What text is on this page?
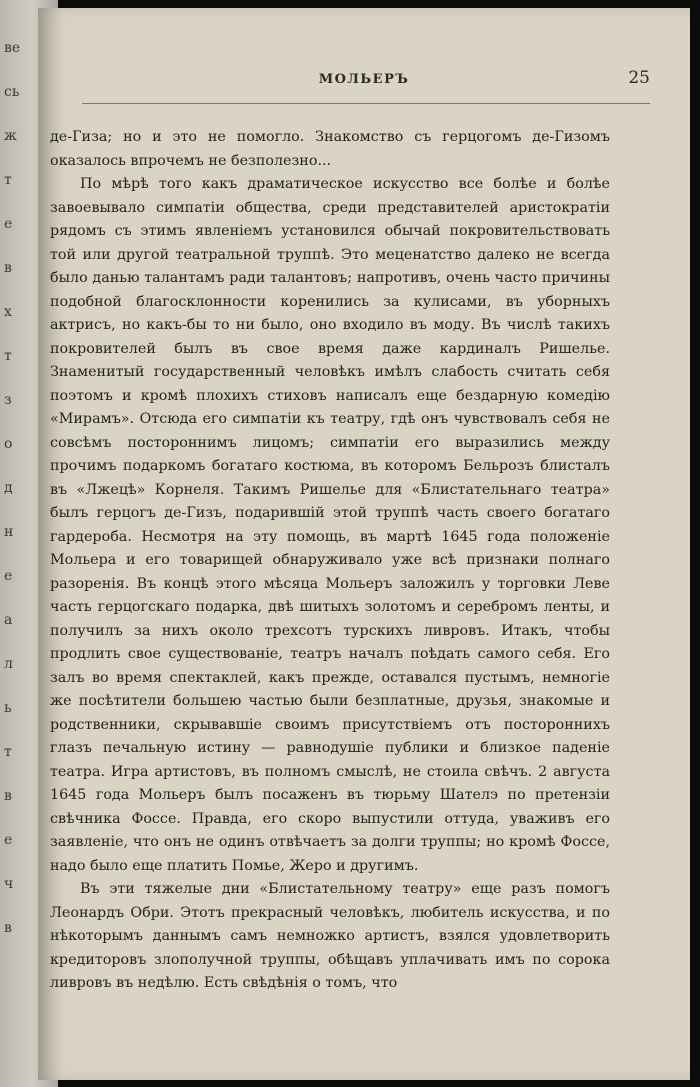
ве
сь
ж
т
е
в
х
т
з
о
д
н
е
а
л
ь
т
в
е
ч
в
МОЛЬЕРЪ	25

де-Гиза; но и это не помогло. Знакомство съ герцогомъ де-Гизомъ оказалось впрочемъ не безполезно...

По мѣрѣ того какъ драматическое искусство все болѣе и болѣе завоевывало симпатіи общества, среди представителей аристократіи рядомъ съ этимъ явленіемъ установился обычай покровительствовать той или другой театральной труппѣ. Это меценатство далеко не всегда было данью талантамъ ради талантовъ; напротивъ, очень часто причины подобной благосклонности коренились за кулисами, въ уборныхъ актрисъ, но какъ-бы то ни было, оно входило въ моду. Въ числѣ такихъ покровителей былъ въ свое время даже кардиналъ Ришелье. Знаменитый государственный человѣкъ имѣлъ слабость считать себя поэтомъ и кромѣ плохихъ стиховъ написалъ еще бездарную комедію «Мирамъ». Отсюда его симпатіи къ театру, гдѣ онъ чувствовалъ себя не совсѣмъ постороннимъ лицомъ; симпатіи его выразились между прочимъ подаркомъ богатаго костюма, въ которомъ Бельрозъ блисталъ въ «Лжецѣ» Корнеля. Такимъ Ришелье для «Блистательнаго театра» былъ герцогъ де-Гизъ, подарившій этой труппѣ часть своего богатаго гардероба. Несмотря на эту помощь, въ мартѣ 1645 года положеніе Мольера и его товарищей обнаруживало уже всѣ признаки полнаго разоренія. Въ концѣ этого мѣсяца Мольеръ заложилъ у торговки Леве часть герцогскаго подарка, двѣ шитыхъ золотомъ и серебромъ ленты, и получилъ за нихъ около трехсотъ турскихъ ливровъ. Итакъ, чтобы продлить свое существованіе, театръ началъ поѣдать самого себя. Его залъ во время спектаклей, какъ прежде, оставался пустымъ, немногіе же посѣтители большею частью были безплатные, друзья, знакомые и родственники, скрывавшіе своимъ присутствіемъ отъ постороннихъ глазъ печальную истину — равнодушіе публики и близкое паденіе театра. Игра артистовъ, въ полномъ смыслѣ, не стоила свѣчъ. 2 августа 1645 года Мольеръ былъ посаженъ въ тюрьму Шателэ по претензіи свѣчника Фоссе. Правда, его скоро выпустили оттуда, уваживъ его заявленіе, что онъ не одинъ отвѣчаетъ за долги труппы; но кромѣ Фоссе, надо было еще платить Помье, Жеро и другимъ.

Въ эти тяжелые дни «Блистательному театру» еще разъ помогъ Леонардъ Обри. Этотъ прекрасный человѣкъ, любитель искусства, и по нѣкоторымъ даннымъ самъ немножко артистъ, взялся удовлетворить кредиторовъ злополучной труппы, обѣщавъ уплачивать имъ по сорока ливровъ въ недѣлю. Есть свѣдѣнія о томъ, что
